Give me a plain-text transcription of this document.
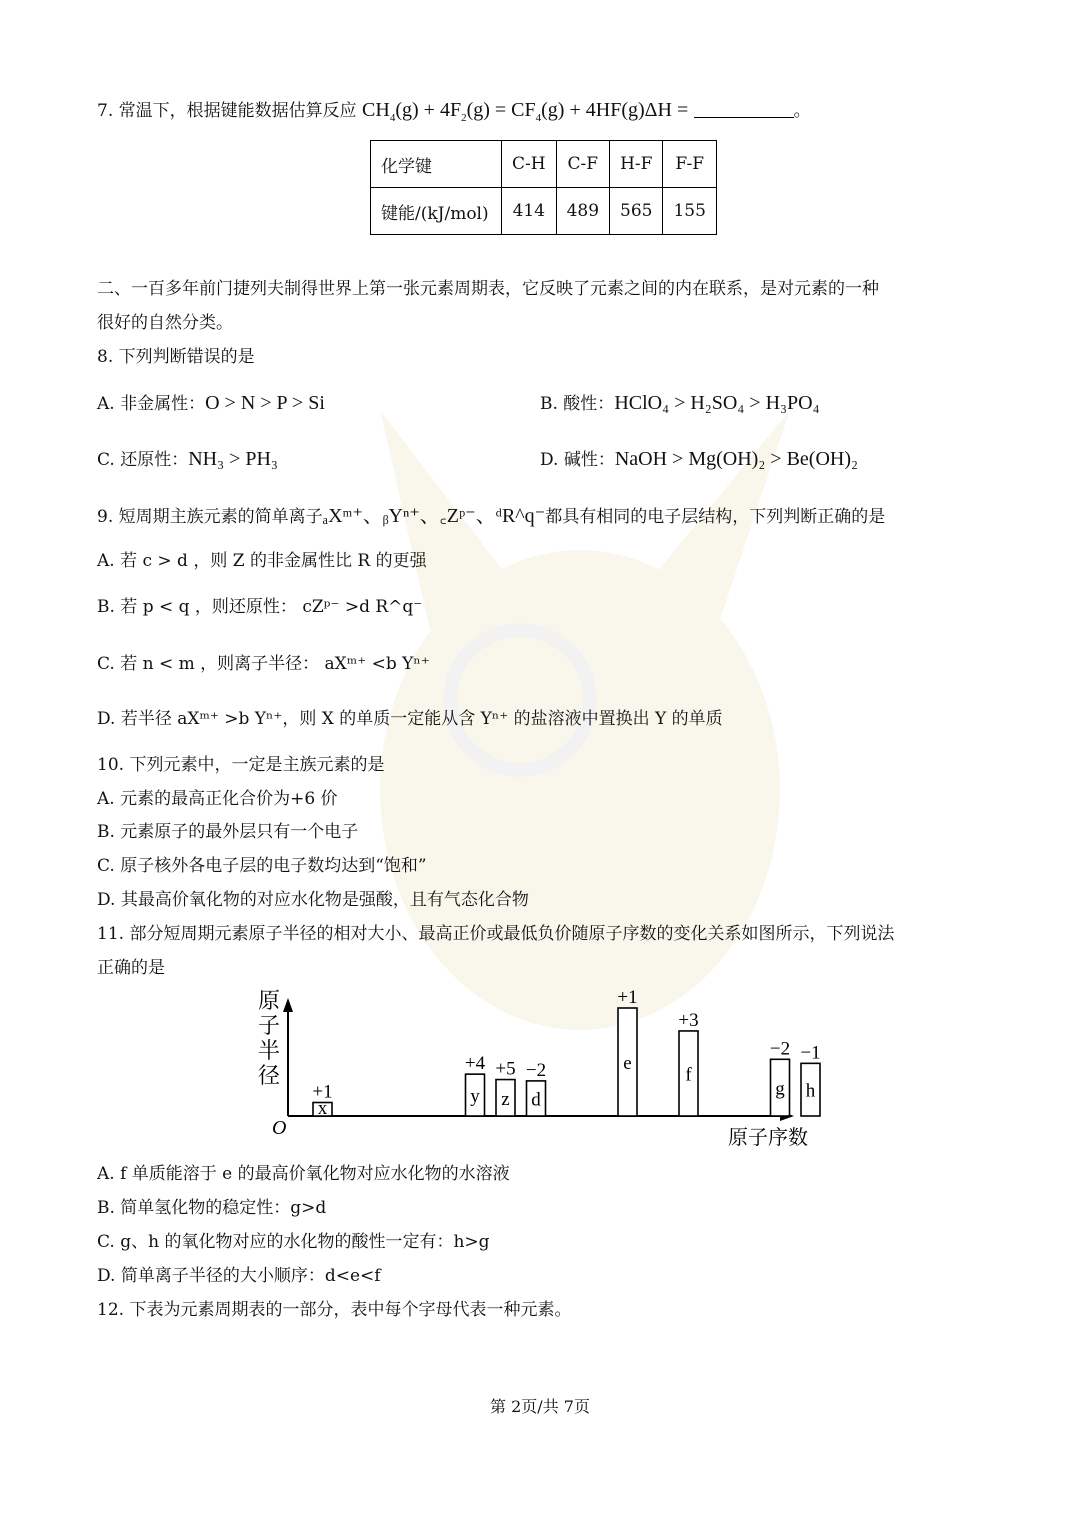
7. 常温下，根据键能数据估算反应 $CH_4(g) + 4F_2(g) = CF_4(g) + 4HF(g)\Delta H$ =	。
化学键	C-H	C-F	H-F	F-F
键能/(kJ/mol)	414	489	565	155
二、一百多年前门捷列夫制得世界上第一张元素周期表，它反映了元素之间的内在联系，是对元素的一种
很好的自然分类。
8. 下列判断错误的是
A. 非金属性：O > N > P > Si	B. 酸性：HClO₄ > H₂SO₄ > H₃PO₄
C. 还原性：NH₃ > PH₃	D. 碱性：NaOH > Mg(OH)₂ > Be(OH)₂
9. 短周期主族元素的简单离子ₐXᵐ⁺、ᵦYⁿ⁺、꜀Zᵖ⁻、ᵈR^q⁻都具有相同的电子层结构，下列判断正确的是
A. 若 c > d ，则 Z 的非金属性比 R 的更强
B. 若 p < q ，则还原性： cZᵖ⁻ >d R^q⁻
C. 若 n < m ，则离子半径： aXᵐ⁺ <b Yⁿ⁺
D. 若半径 aXᵐ⁺ >b Yⁿ⁺，则 X 的单质一定能从含 Yⁿ⁺ 的盐溶液中置换出 Y 的单质
10. 下列元素中，一定是主族元素的是
A. 元素的最高正化合价为+6 价
B. 元素原子的最外层只有一个电子
C. 原子核外各电子层的电子数均达到“饱和”
D. 其最高价氧化物的对应水化物是强酸，且有气态化合物
11. 部分短周期元素原子半径的相对大小、最高正价或最低负价随原子序数的变化关系如图所示，下列说法
正确的是
原
子
半
径
O	原子序数
x
+1	y
+4
z
+5
d
−2	e
+1
f
+3
g
−2
h
−1
A. f 单质能溶于 e 的最高价氧化物对应水化物的水溶液
B. 简单氢化物的稳定性：g>d
C. g、h 的氧化物对应的水化物的酸性一定有：h>g
D. 简单离子半径的大小顺序：d<e<f
12. 下表为元素周期表的一部分，表中每个字母代表一种元素。
第 2页/共 7页
